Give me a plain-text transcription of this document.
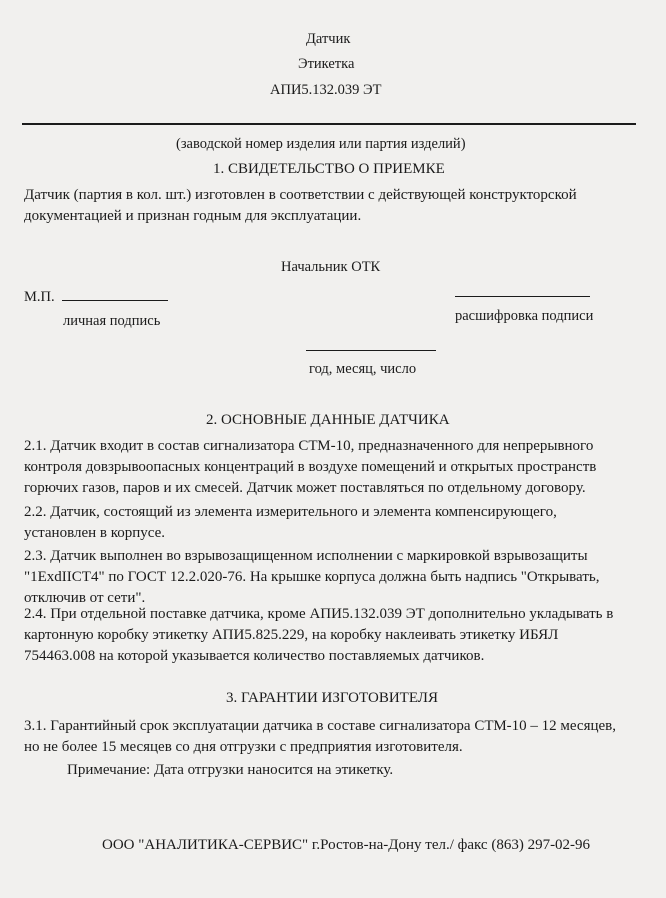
Датчик
Этикетка
АПИ5.132.039 ЭТ
(заводской номер изделия или партия изделий)
1. СВИДЕТЕЛЬСТВО О ПРИЕМКЕ
Датчик (партия в кол. шт.) изготовлен в соответствии с действующей конструкторской
документацией и признан годным для эксплуатации.
Начальник ОТК
М.П.
личная подпись	расшифровка подписи
год, месяц, число
2. ОСНОВНЫЕ ДАННЫЕ ДАТЧИКА
2.1. Датчик входит в состав сигнализатора СТМ-10, предназначенного для непрерывного
контроля довзрывоопасных концентраций в воздухе помещений и открытых пространств
горючих газов, паров и их смесей. Датчик может поставляться по отдельному договору.
2.2. Датчик, состоящий из элемента измерительного и элемента компенсирующего,
установлен в корпусе.
2.3. Датчик выполнен во взрывозащищенном исполнении с маркировкой взрывозащиты
"1ExdIICT4" по ГОСТ 12.2.020-76. На крышке корпуса должна быть надпись "Открывать,
отключив от сети".
2.4. При отдельной поставке датчика, кроме АПИ5.132.039 ЭТ дополнительно укладывать в
картонную коробку этикетку АПИ5.825.229, на коробку наклеивать этикетку ИБЯЛ
754463.008 на которой указывается количество поставляемых датчиков.
3. ГАРАНТИИ ИЗГОТОВИТЕЛЯ
3.1. Гарантийный срок эксплуатации датчика в составе сигнализатора СТМ-10 – 12 месяцев,
но не более 15 месяцев со дня отгрузки с предприятия изготовителя.
Примечание: Дата отгрузки наносится на этикетку.
ООО "АНАЛИТИКА-СЕРВИС" г.Ростов-на-Дону тел./ факс (863) 297-02-96
